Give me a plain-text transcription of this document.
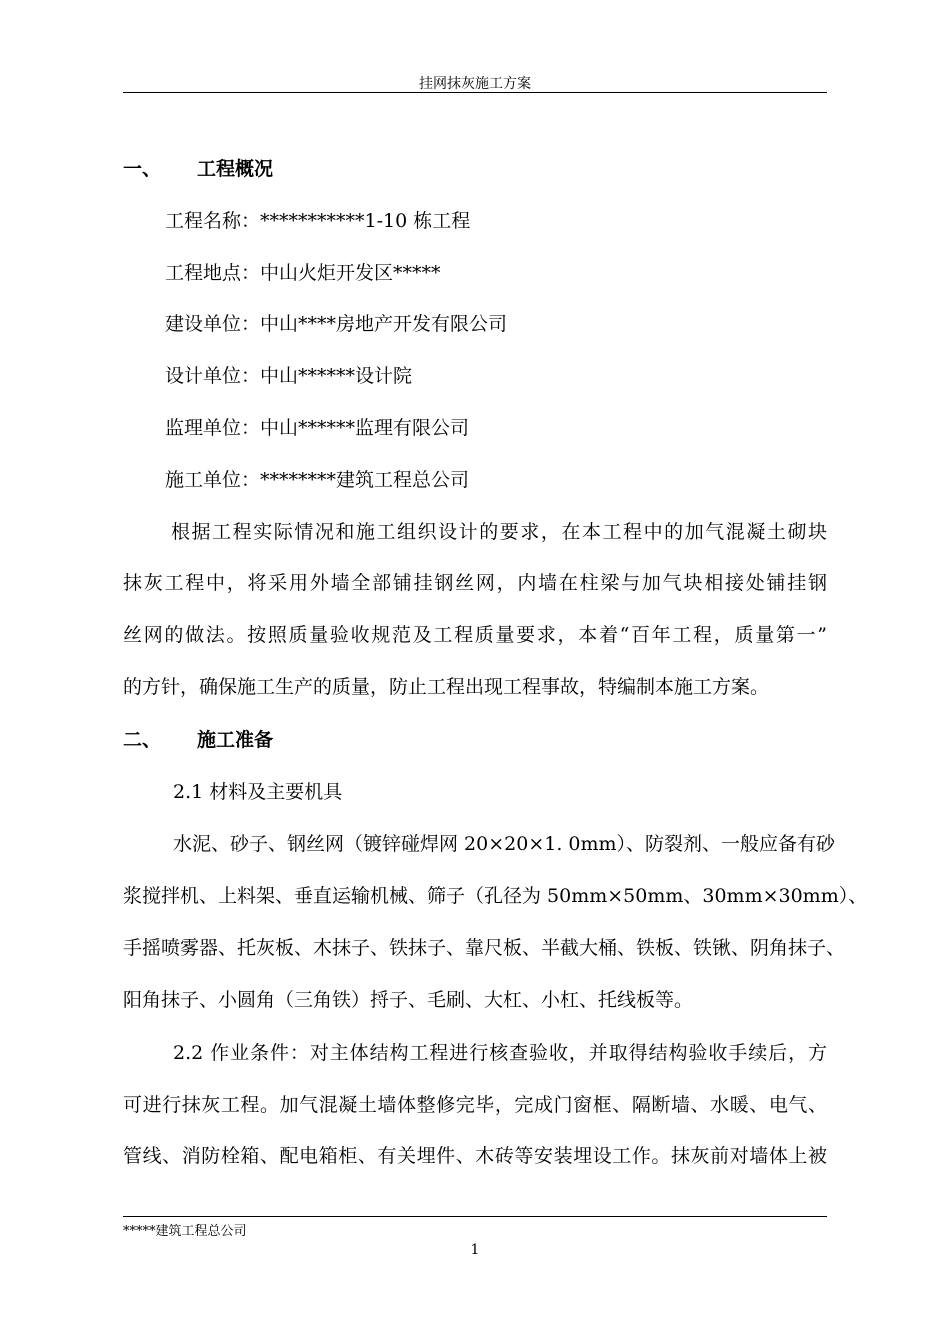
挂网抹灰施工方案
一、 工程概况
工程名称：***********1-10 栋工程
工程地点：中山火炬开发区*****
建设单位：中山****房地产开发有限公司
设计单位：中山******设计院
监理单位：中山******监理有限公司
施工单位：********建筑工程总公司
根据工程实际情况和施工组织设计的要求，在本工程中的加气混凝土砌块
抹灰工程中，将采用外墙全部铺挂钢丝网，内墙在柱梁与加气块相接处铺挂钢
丝网的做法。按照质量验收规范及工程质量要求，本着“百年工程，质量第一”
的方针，确保施工生产的质量，防止工程出现工程事故，特编制本施工方案。
二、 施工准备
2.1 材料及主要机具
水泥、砂子、钢丝网（镀锌碰焊网 20×20×1. 0mm）、防裂剂、一般应备有砂
浆搅拌机、上料架、垂直运输机械、筛子（孔径为 50mm×50mm、30mm×30mm）、
手摇喷雾器、托灰板、木抹子、铁抹子、靠尺板、半截大桶、铁板、铁锹、阴角抹子、
阳角抹子、小圆角（三角铁）捋子、毛刷、大杠、小杠、托线板等。
2.2 作业条件：对主体结构工程进行核查验收，并取得结构验收手续后，方
可进行抹灰工程。加气混凝土墙体整修完毕，完成门窗框、隔断墙、水暖、电气、
管线、消防栓箱、配电箱柜、有关埋件、木砖等安装埋设工作。抹灰前对墙体上被
*****建筑工程总公司
1
